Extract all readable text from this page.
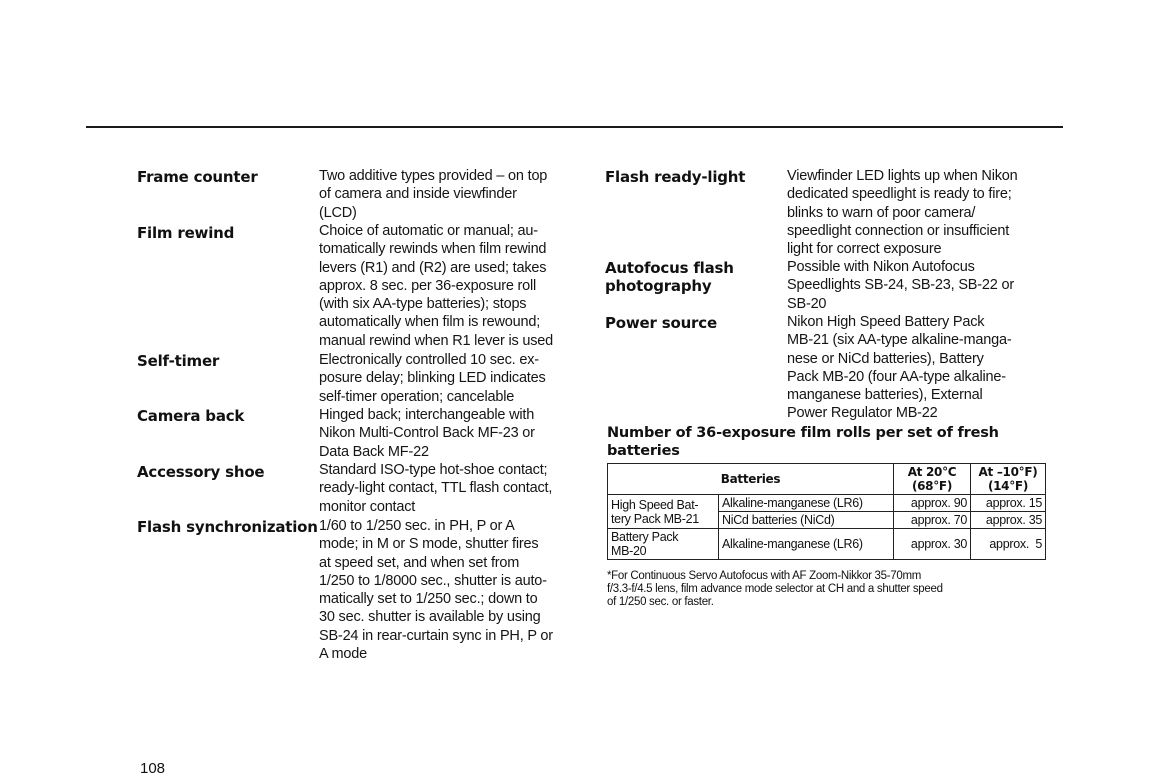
Frame counter	Two additive types provided – on top
of camera and inside viewfinder
(LCD)
Film rewind	Choice of automatic or manual; au-
tomatically rewinds when film rewind
levers (R1) and (R2) are used; takes
approx. 8 sec. per 36-exposure roll
(with six AA-type batteries); stops
automatically when film is rewound;
manual rewind when R1 lever is used
Self-timer	Electronically controlled 10 sec. ex-
posure delay; blinking LED indicates
self-timer operation; cancelable
Camera back	Hinged back; interchangeable with
Nikon Multi-Control Back MF-23 or
Data Back MF-22
Accessory shoe	Standard ISO-type hot-shoe contact;
ready-light contact, TTL flash contact,
monitor contact
Flash synchronization 1/60 to 1/250 sec. in PH, P or A
mode; in M or S mode, shutter fires
at speed set, and when set from
1/250 to 1/8000 sec., shutter is auto-
matically set to 1/250 sec.; down to
30 sec. shutter is available by using
SB-24 in rear-curtain sync in PH, P or
A mode
Flash ready-light	Viewfinder LED lights up when Nikon
dedicated speedlight is ready to fire;
blinks to warn of poor camera/
speedlight connection or insufficient
light for correct exposure
Autofocus flash
photography
Possible with Nikon Autofocus
Speedlights SB-24, SB-23, SB-22 or
SB-20
Power source	Nikon High Speed Battery Pack
MB-21 (six AA-type alkaline-manga-
nese or NiCd batteries), Battery
Pack MB-20 (four AA-type alkaline-
manganese batteries), External
Power Regulator MB-22
Number of 36-exposure film rolls per set of fresh
batteries
Batteries		At 20°C
(68°F)	At –10°F)
(14°F)

High Speed Bat-
tery Pack MB-21	Alkaline-manganese (LR6)	approx. 90	approx. 15
	NiCd batteries (NiCd)	approx. 70	approx. 35

Battery Pack
MB-20	Alkaline-manganese (LR6)	approx. 30	approx.  5
*For Continuous Servo Autofocus with AF Zoom-Nikkor 35-70mm
f/3.3-f/4.5 lens, film advance mode selector at CH and a shutter speed
of 1/250 sec. or faster.
108
